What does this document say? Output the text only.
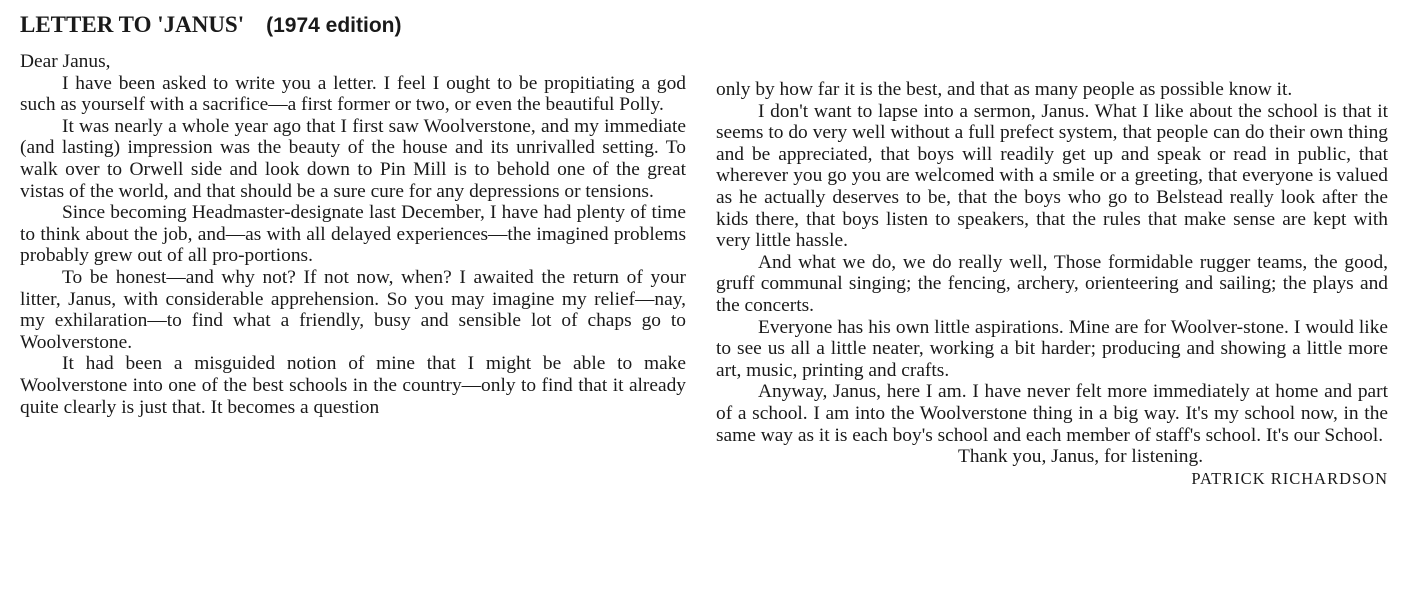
LETTER TO 'JANUS' (1974 edition)

Dear Janus,

I have been asked to write you a letter. I feel I ought to be propitiating a god such as yourself with a sacrifice—a first former or two, or even the beautiful Polly.

It was nearly a whole year ago that I first saw Woolverstone, and my immediate (and lasting) impression was the beauty of the house and its unrivalled setting. To walk over to Orwell side and look down to Pin Mill is to behold one of the great vistas of the world, and that should be a sure cure for any depressions or tensions.

Since becoming Headmaster-designate last December, I have had plenty of time to think about the job, and—as with all delayed experiences—the imagined problems probably grew out of all pro-portions.

To be honest—and why not? If not now, when? I awaited the return of your litter, Janus, with considerable apprehension. So you may imagine my relief—nay, my exhilaration—to find what a friendly, busy and sensible lot of chaps go to Woolverstone.

It had been a misguided notion of mine that I might be able to make Woolverstone into one of the best schools in the country—only to find that it already quite clearly is just that. It becomes a question

only by how far it is the best, and that as many people as possible know it.

I don't want to lapse into a sermon, Janus. What I like about the school is that it seems to do very well without a full prefect system, that people can do their own thing and be appreciated, that boys will readily get up and speak or read in public, that wherever you go you are welcomed with a smile or a greeting, that everyone is valued as he actually deserves to be, that the boys who go to Belstead really look after the kids there, that boys listen to speakers, that the rules that make sense are kept with very little hassle.

And what we do, we do really well, Those formidable rugger teams, the good, gruff communal singing; the fencing, archery, orienteering and sailing; the plays and the concerts.

Everyone has his own little aspirations. Mine are for Woolver-stone. I would like to see us all a little neater, working a bit harder; producing and showing a little more art, music, printing and crafts.

Anyway, Janus, here I am. I have never felt more immediately at home and part of a school. I am into the Woolverstone thing in a big way. It's my school now, in the same way as it is each boy's school and each member of staff's school. It's our School.

Thank you, Janus, for listening.

PATRICK RICHARDSON
